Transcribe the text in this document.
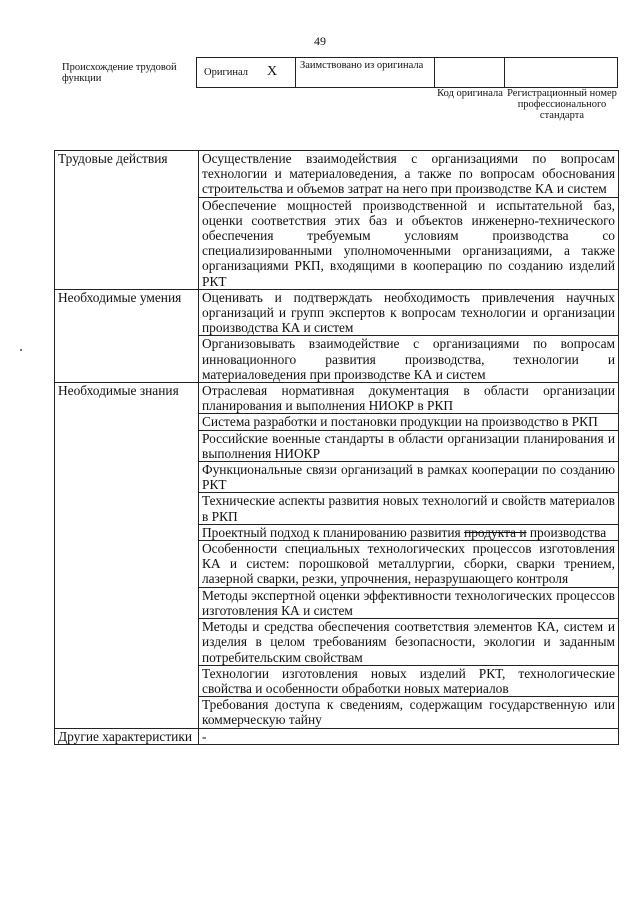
49
Происхождение трудовой функции
Оригинал X Заимствовано из оригинала
Код оригинала Регистрационный номер профессионального стандарта
Трудовые действия	Осуществление взаимодействия с организациями по вопросам технологии и материаловедения, а также по вопросам обоснования строительства и объемов затрат на него при производстве КА и систем
	Обеспечение мощностей производственной и испытательной баз, оценки соответствия этих баз и объектов инженерно-технического обеспечения требуемым условиям производства со специализированными уполномоченными организациями, а также организациями РКП, входящими в кооперацию по созданию изделий РКТ
Необходимые умения	Оценивать и подтверждать необходимость привлечения научных организаций и групп экспертов к вопросам технологии и организации производства КА и систем
	Организовывать взаимодействие с организациями по вопросам инновационного развития производства, технологии и материаловедения при производстве КА и систем
Необходимые знания	Отраслевая нормативная документация в области организации планирования и выполнения НИОКР в РКП
	Система разработки и постановки продукции на производство в РКП
	Российские военные стандарты в области организации планирования и выполнения НИОКР
	Функциональные связи организаций в рамках кооперации по созданию РКТ
	Технические аспекты развития новых технологий и свойств материалов в РКП
	Проектный подход к планированию развития продукта и производства
	Особенности специальных технологических процессов изготовления КА и систем: порошковой металлургии, сборки, сварки трением, лазерной сварки, резки, упрочнения, неразрушающего контроля
	Методы экспертной оценки эффективности технологических процессов изготовления КА и систем
	Методы и средства обеспечения соответствия элементов КА, систем и изделия в целом требованиям безопасности, экологии и заданным потребительским свойствам
	Технологии изготовления новых изделий РКТ, технологические свойства и особенности обработки новых материалов
	Требования доступа к сведениям, содержащим государственную или коммерческую тайну
Другие характеристики	-
